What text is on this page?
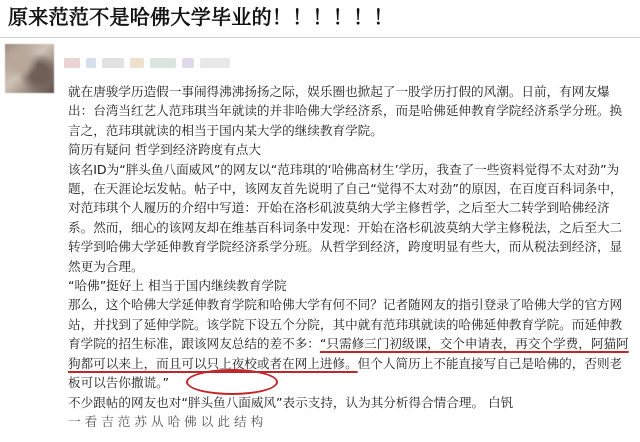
原来范范不是哈佛大学毕业的！！！！！！

就在唐骏学历造假一事闹得沸沸扬扬之际，娱乐圈也掀起了一股学历打假的风潮。日前，有网友爆出：台湾当红艺人范玮琪当年就读的并非哈佛大学经济系，而是哈佛延伸教育学院经济系学分班。换言之，范玮琪就读的相当于国内某大学的继续教育学院。

简历有疑问 哲学到经济跨度有点大

该名ID为“胖头鱼八面威风”的网友以“范玮琪的‘哈佛高材生’学历，我查了一些资料觉得不太对劲”为题，在天涯论坛发帖。帖子中，该网友首先说明了自己“觉得不太对劲”的原因，在百度百科词条中，对范玮琪个人履历的介绍中写道：开始在洛杉矶波莫纳大学主修哲学，之后至大二转学到哈佛经济系。然而，细心的该网友却在维基百科词条中发现：开始在洛杉矶波莫纳大学主修税法，之后至大二转学到哈佛大学延伸教育学院经济系学分班。从哲学到经济，跨度明显有些大，而从税法到经济，显然更为合理。

“哈佛”挺好上 相当于国内继续教育学院

那么，这个哈佛大学延伸教育学院和哈佛大学有何不同？记者随网友的指引登录了哈佛大学的官方网站，并找到了延伸学院。该学院下设五个分院，其中就有范玮琪就读的哈佛延伸教育学院。而延伸教育学院的招生标准，跟该网友总结的差不多：“只需修三门初级课，交个申请表，再交个学费，阿猫阿狗都可以来上，而且可以只上夜校或者在网上进修。但个人简历上不能直接写自己是哈佛的，否则老板可以告你撒谎。”

不少跟帖的网友也对“胖头鱼八面威风”表示支持，认为其分析得合情合理。 白钒

一 看 吉 范 苏 从 哈 佛 以 此 结 构
